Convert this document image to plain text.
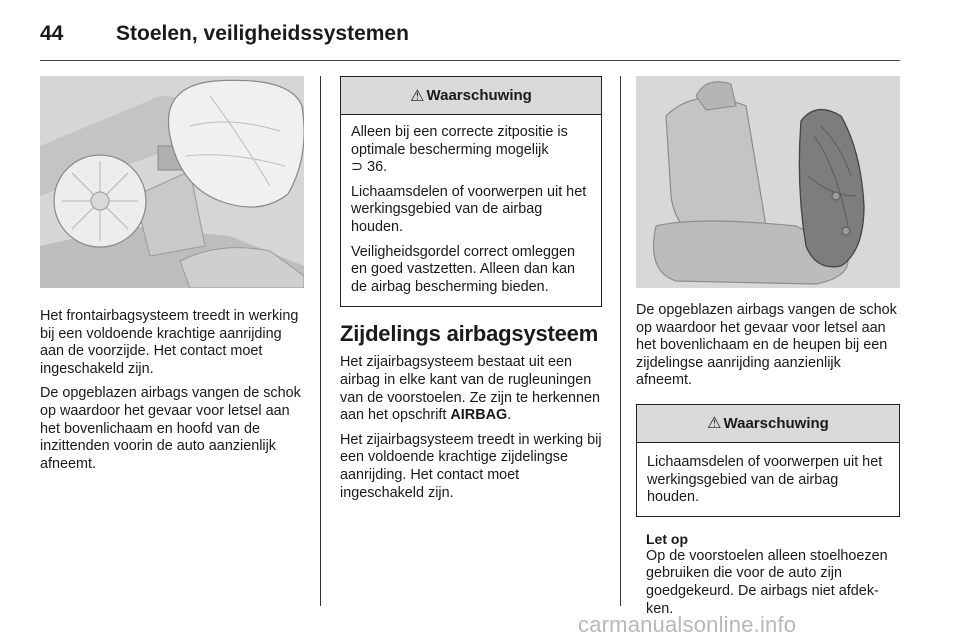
44	Stoelen, veiligheidssystemen

Het frontairbagsysteem treedt in werking bij een voldoende krachtige aanrijding aan de voorzijde. Het contact moet ingeschakeld zijn.

De opgeblazen airbags vangen de schok op waardoor het gevaar voor letsel aan het bovenlichaam en hoofd van de inzittenden voorin de auto aanzienlijk afneemt.

⚠ Waarschuwing

Alleen bij een correcte zitpositie is optimale bescherming mogelijk
⊃ 36.

Lichaamsdelen of voorwerpen uit het werkingsgebied van de airbag houden.

Veiligheidsgordel correct omleggen en goed vastzetten. Alleen dan kan de airbag bescherming bieden.

Zijdelings airbagsysteem

Het zijairbagsysteem bestaat uit een airbag in elke kant van de rugleuningen van de voorstoelen. Ze zijn te herkennen aan het opschrift AIRBAG.

Het zijairbagsysteem treedt in werking bij een voldoende krachtige zijdelingse aanrijding. Het contact moet ingeschakeld zijn.

De opgeblazen airbags vangen de schok op waardoor het gevaar voor letsel aan het bovenlichaam en de heupen bij een zijdelingse aanrijding aanzienlijk afneemt.

⚠ Waarschuwing

Lichaamsdelen of voorwerpen uit het werkingsgebied van de airbag houden.

Let op

Op de voorstoelen alleen stoelhoezen gebruiken die voor de auto zijn goedgekeurd. De airbags niet afdekken.

carmanualsonline.info
